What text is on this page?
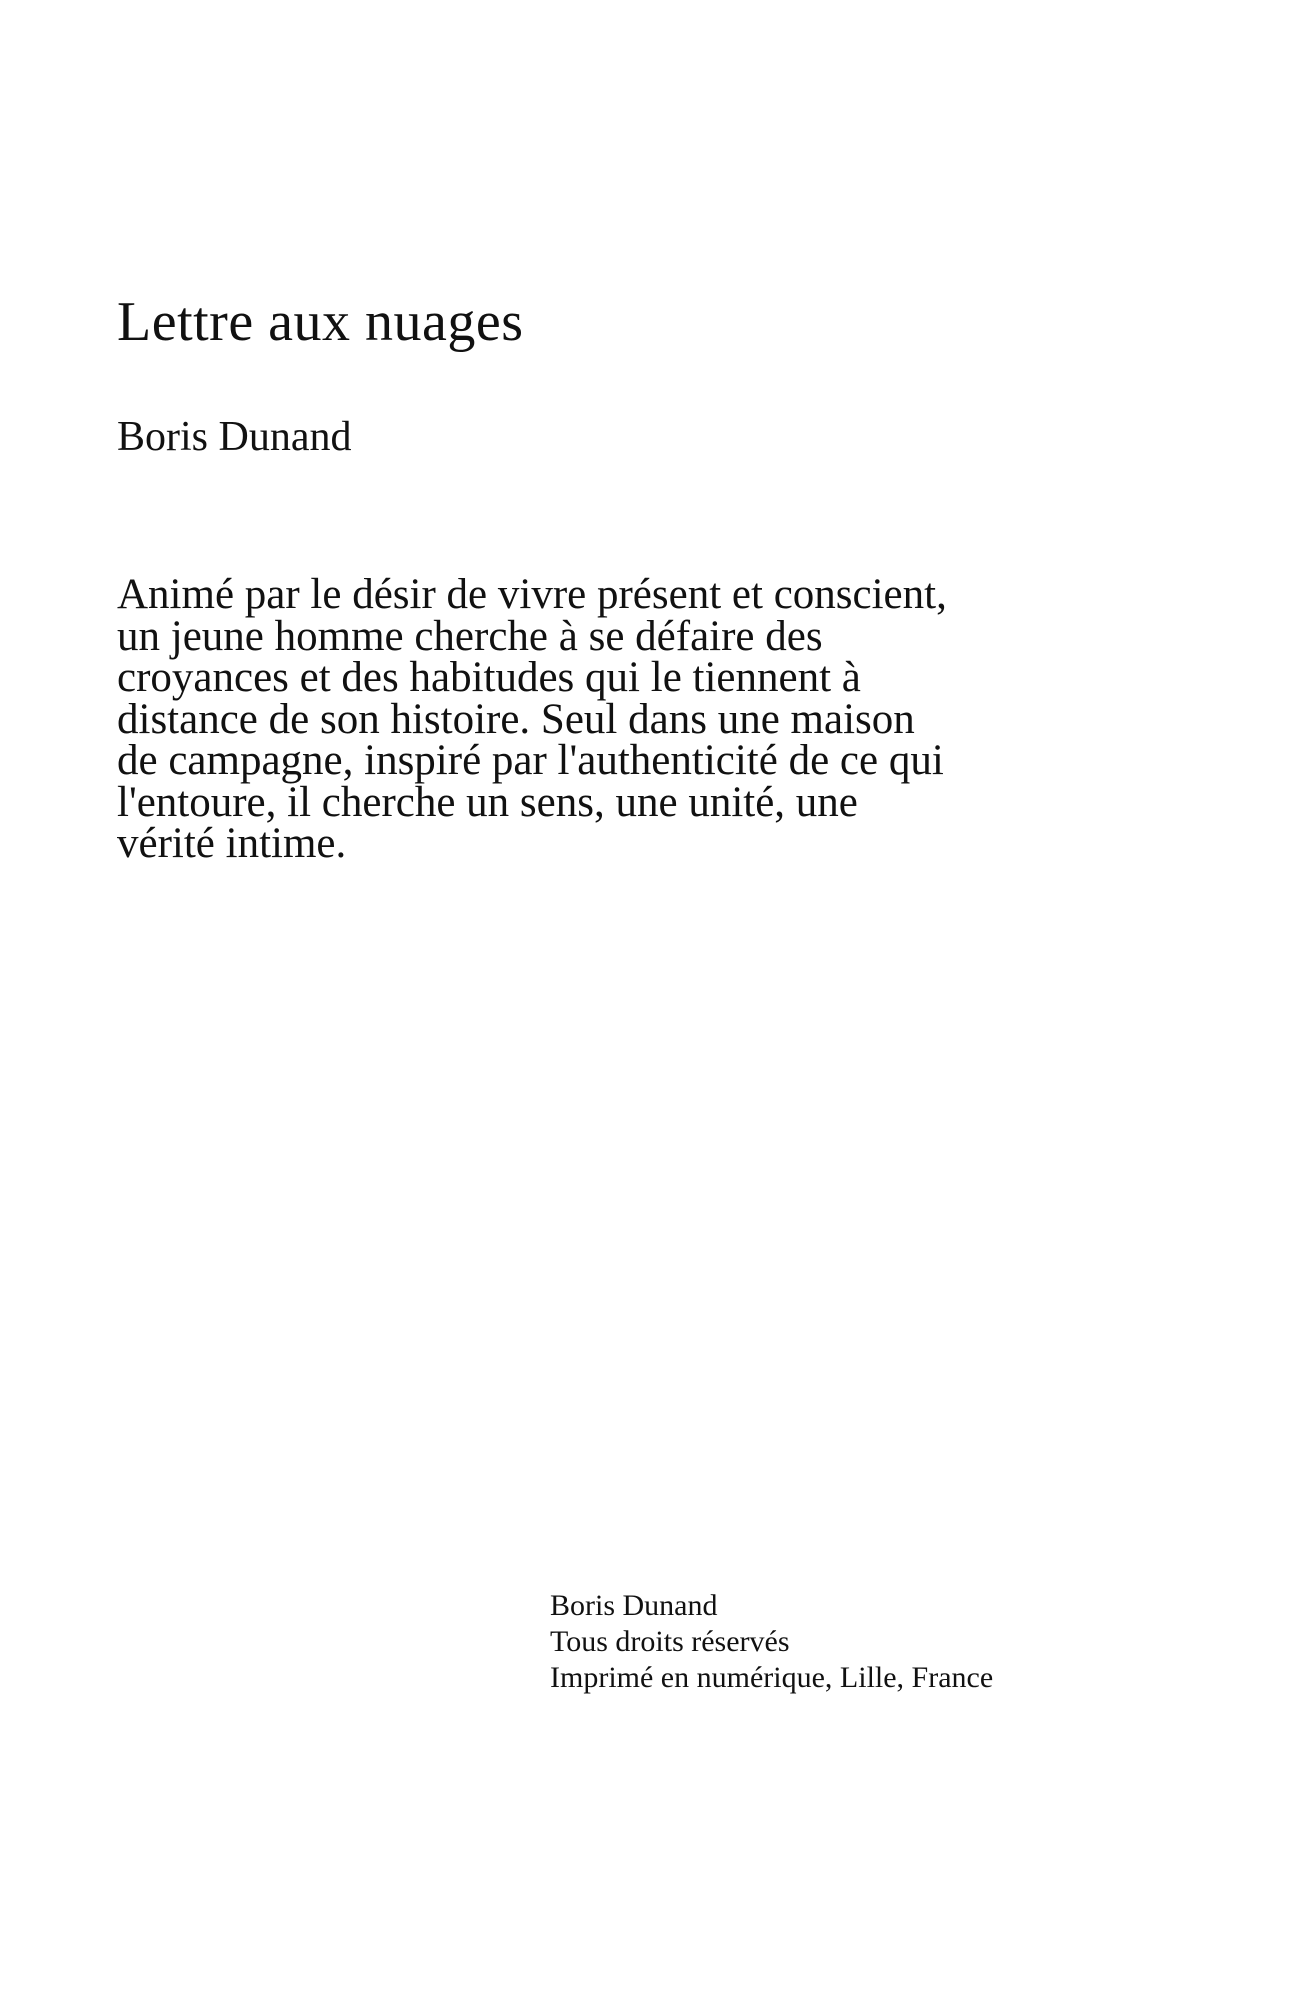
Lettre aux nuages

Boris Dunand

Animé par le désir de vivre présent et conscient, un jeune homme cherche à se défaire des croyances et des habitudes qui le tiennent à distance de son histoire. Seul dans une maison de campagne, inspiré par l'authenticité de ce qui l'entoure, il cherche un sens, une unité, une vérité intime.

Boris Dunand
Tous droits réservés
Imprimé en numérique, Lille, France
